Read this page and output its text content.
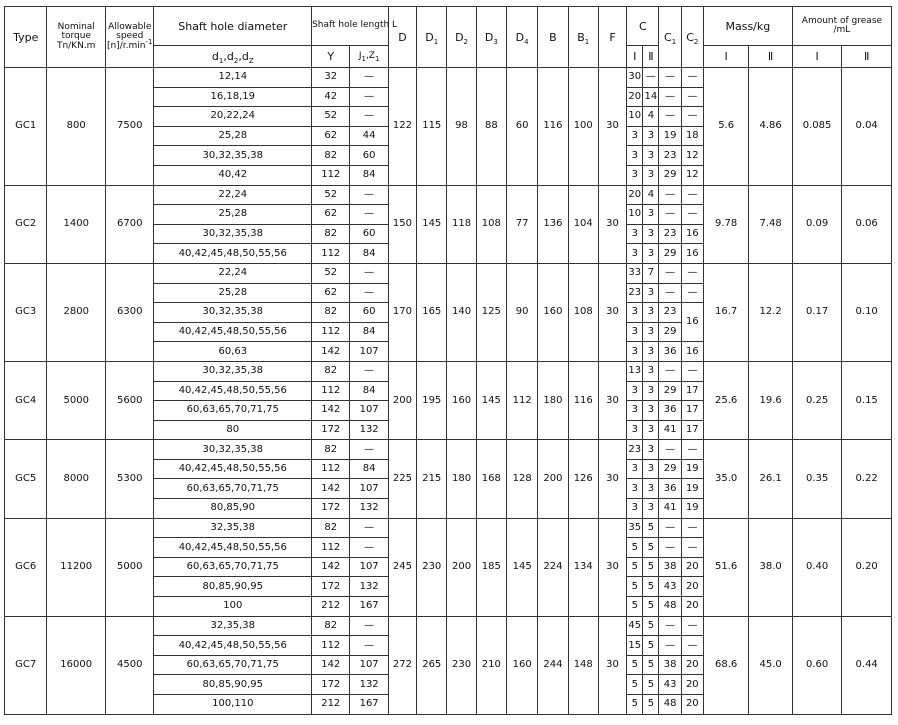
Type	Nominal
torque
Tn/KN.m	Allowable
speed
$[n]/r.\min^{-1}$	Shaft hole diameter	Shaft hole length L		D	$D_1$	$D_2$	$D_3$	$D_4$	B	$B_1$	F	C		$C_1$	$C_2$	Mass/kg		Amount of grease /mL	
			$d_1,d_2,d_Z$	Y	$J_1,Z_1$									Ⅰ	Ⅱ			Ⅰ	Ⅱ	Ⅰ	Ⅱ
GC1	800	7500	12,14	32	—	122	115	98	88	60	116	100	30	30	—	—	—	5.6	4.86	0.085	0.04
			16,18,19	42	—									20	14	—	—				
			20,22,24	52	—									10	4	—	—				
			25,28	62	44									3	3	19	18				
			30,32,35,38	82	60									3	3	23	12				
			40,42	112	84									3	3	29	12				
GC2	1400	6700	22,24	52	—	150	145	118	108	77	136	104	30	20	4	—	—	9.78	7.48	0.09	0.06
			25,28	62	—									10	3	—	—				
			30,32,35,38	82	60									3	3	23	16				
			40,42,45,48,50,55,56	112	84									3	3	29	16				
GC3	2800	6300	22,24	52	—	170	165	140	125	90	160	108	30	33	7	—	—	16.7	12.2	0.17	0.10
			25,28	62	—									23	3	—	—				
			30,32,35,38	82	60									3	3	23	16				
			40,42,45,48,50,55,56	112	84									3	3	29					
			60,63	142	107									3	3	36	16				
GC4	5000	5600	30,32,35,38	82	—	200	195	160	145	112	180	116	30	13	3	—	—	25.6	19.6	0.25	0.15
			40,42,45,48,50,55,56	112	84									3	3	29	17				
			60,63,65,70,71,75	142	107									3	3	36	17				
			80	172	132									3	3	41	17				
GC5	8000	5300	30,32,35,38	82	—	225	215	180	168	128	200	126	30	23	3	—	—	35.0	26.1	0.35	0.22
			40,42,45,48,50,55,56	112	84									3	3	29	19				
			60,63,65,70,71,75	142	107									3	3	36	19				
			80,85,90	172	132									3	3	41	19				
GC6	11200	5000	32,35,38	82	—	245	230	200	185	145	224	134	30	35	5	—	—	51.6	38.0	0.40	0.20
			40,42,45,48,50,55,56	112	—									5	5	—	—				
			60,63,65,70,71,75	142	107									5	5	38	20				
			80,85,90,95	172	132									5	5	43	20				
			100	212	167									5	5	48	20				
GC7	16000	4500	32,35,38	82	—	272	265	230	210	160	244	148	30	45	5	—	—	68.6	45.0	0.60	0.44
			40,42,45,48,50,55,56	112	—									15	5	—	—				
			60,63,65,70,71,75	142	107									5	5	38	20				
			80,85,90,95	172	132									5	5	43	20				
			100,110	212	167									5	5	48	20				
